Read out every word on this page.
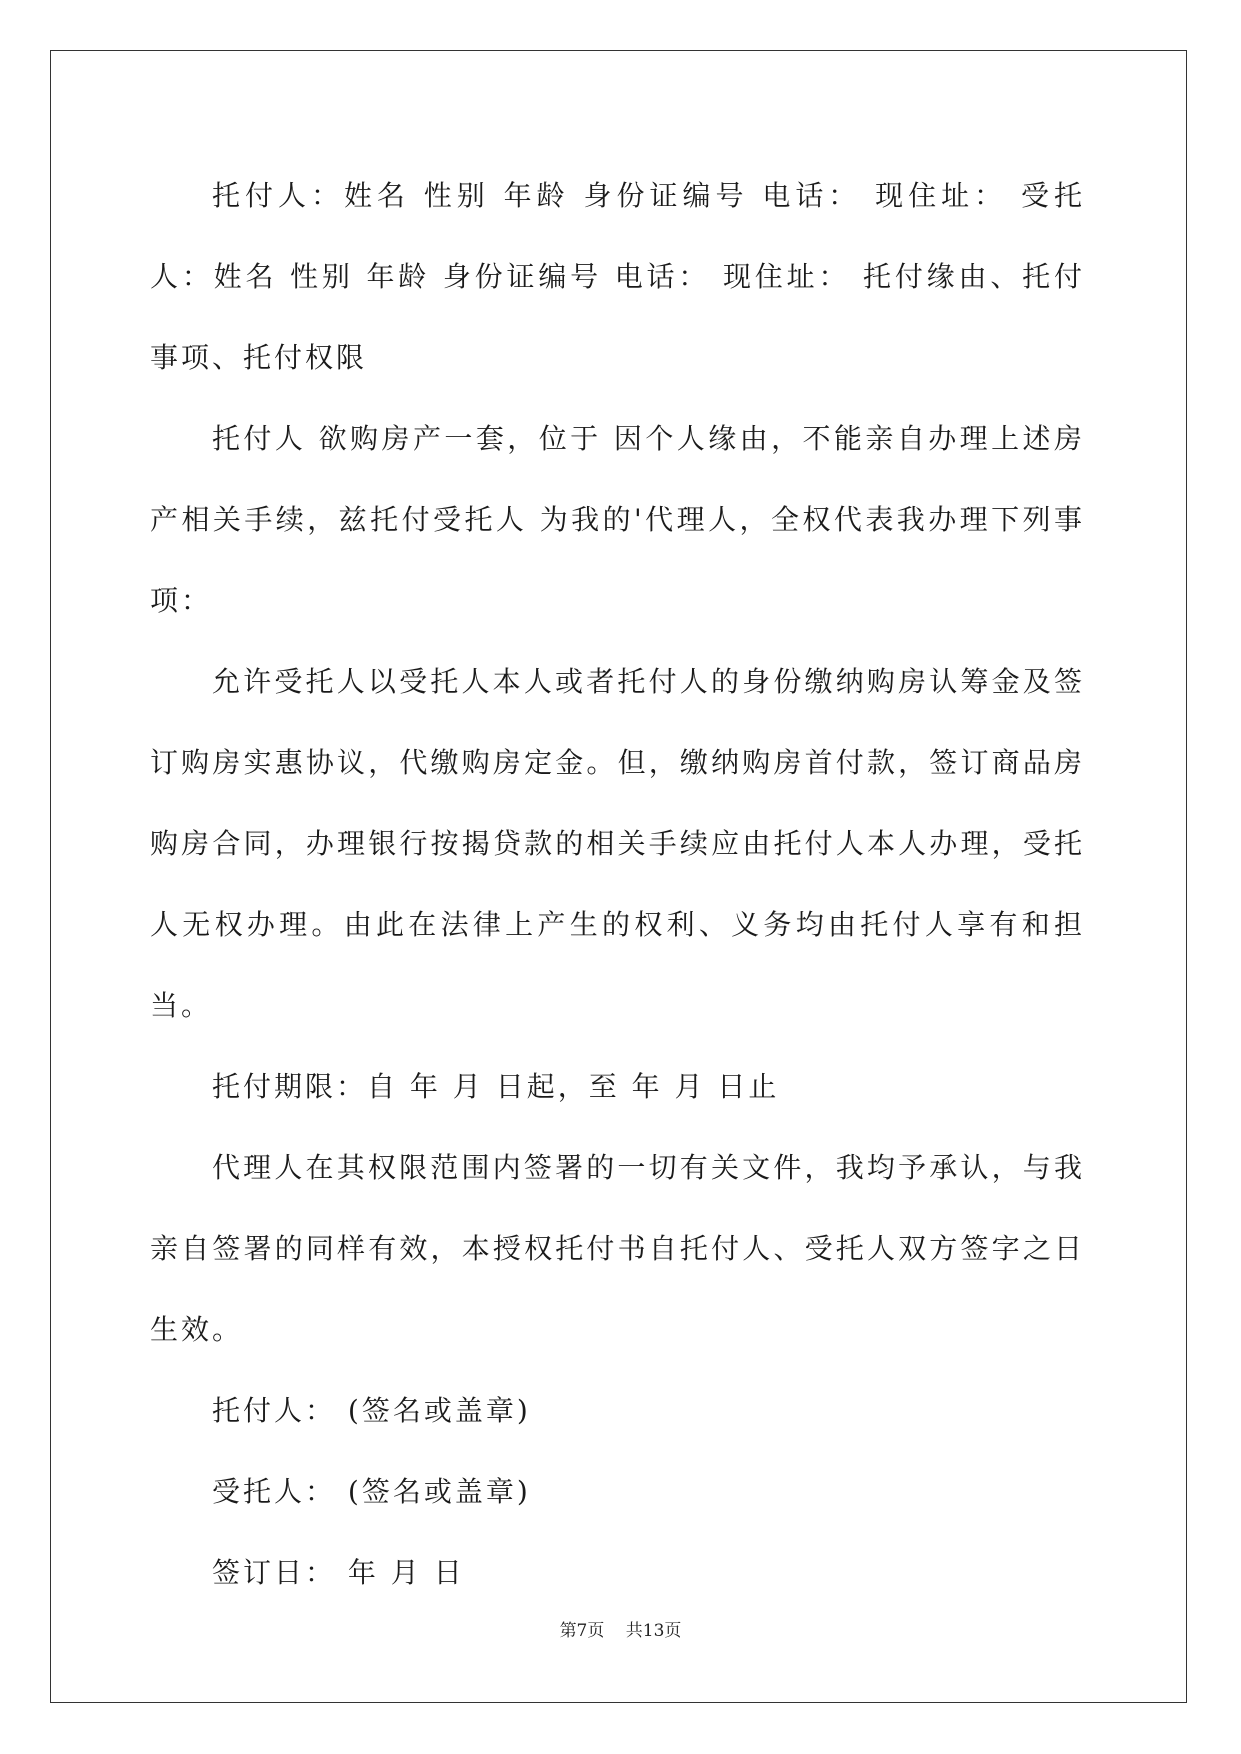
托付人：姓名 性别 年龄 身份证编号 电话： 现住址： 受托人：姓名 性别 年龄 身份证编号 电话： 现住址： 托付缘由、托付事项、托付权限

托付人 欲购房产一套，位于 因个人缘由，不能亲自办理上述房产相关手续，兹托付受托人 为我的'代理人，全权代表我办理下列事项：

允许受托人以受托人本人或者托付人的身份缴纳购房认筹金及签订购房实惠协议，代缴购房定金。但，缴纳购房首付款，签订商品房购房合同，办理银行按揭贷款的相关手续应由托付人本人办理，受托人无权办理。由此在法律上产生的权利、义务均由托付人享有和担当。

托付期限：自 年 月 日起，至 年 月 日止

代理人在其权限范围内签署的一切有关文件，我均予承认，与我亲自签署的同样有效，本授权托付书自托付人、受托人双方签字之日生效。

托付人： (签名或盖章)

受托人： (签名或盖章)

签订日： 年 月 日

第7页 共13页
